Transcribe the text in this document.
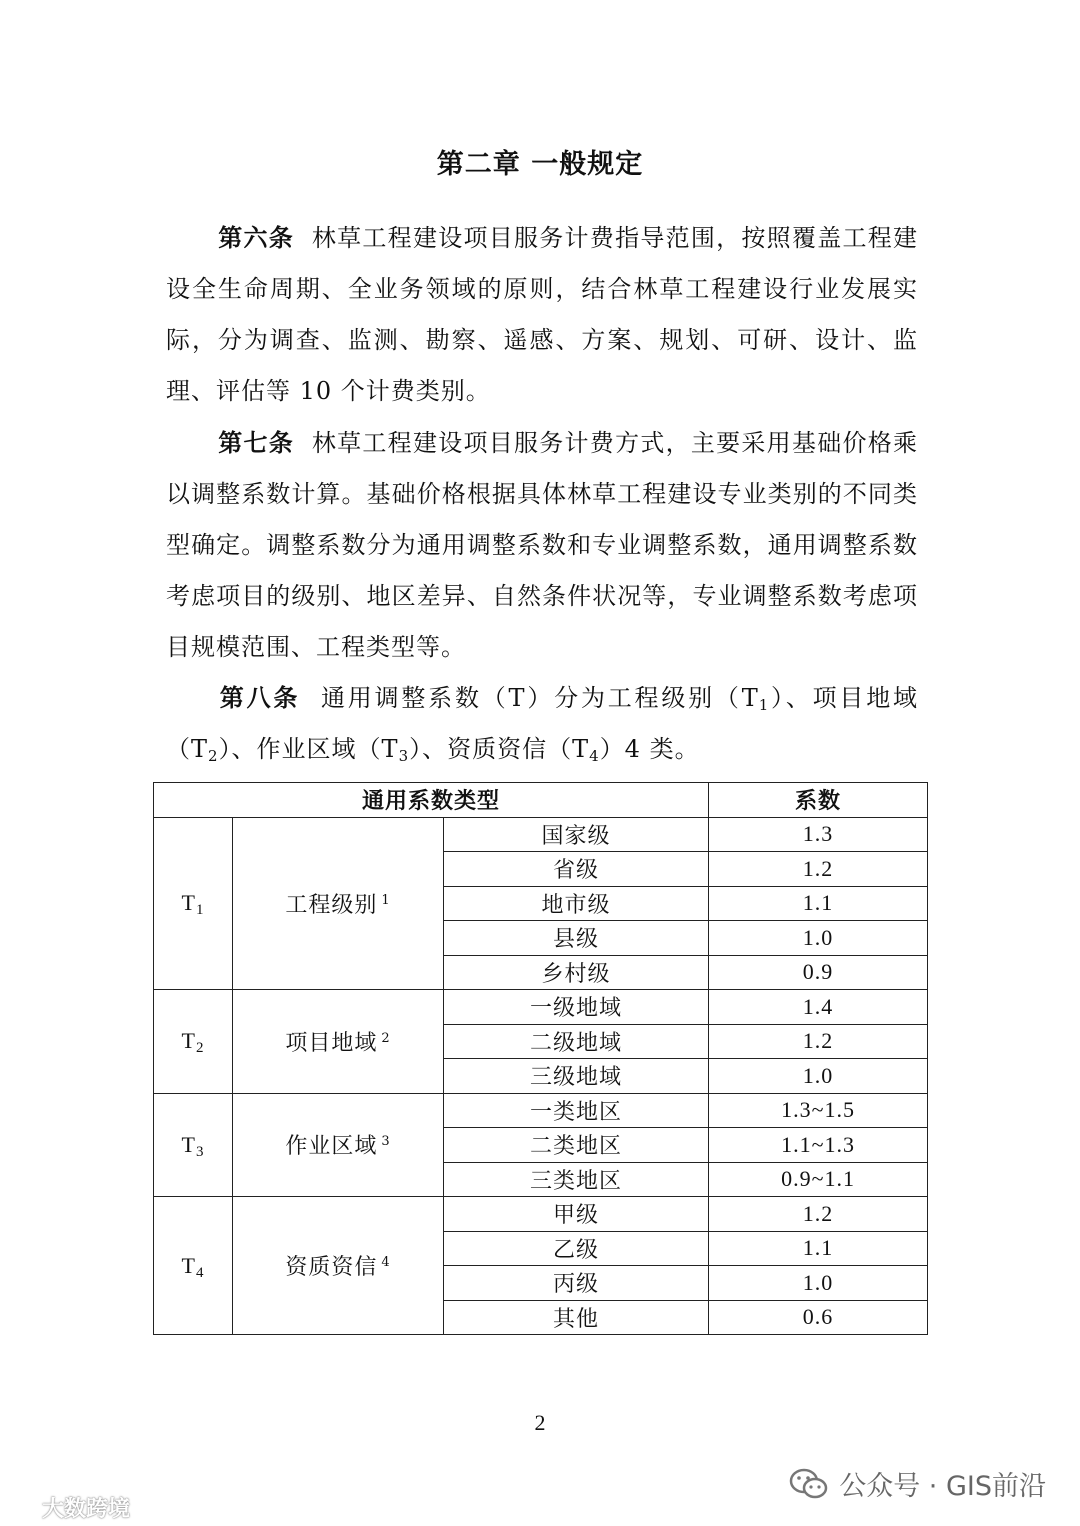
第二章 一般规定
第六条 林草工程建设项目服务计费指导范围，按照覆盖工程建设全生命周期、全业务领域的原则，结合林草工程建设行业发展实际，分为调查、监测、勘察、遥感、方案、规划、可研、设计、监理、评估等 10 个计费类别。
第七条 林草工程建设项目服务计费方式，主要采用基础价格乘以调整系数计算。基础价格根据具体林草工程建设专业类别的不同类型确定。调整系数分为通用调整系数和专业调整系数，通用调整系数考虑项目的级别、地区差异、自然条件状况等，专业调整系数考虑项目规模范围、工程类型等。
第八条 通用调整系数（T）分为工程级别$(T_1)$、项目地域$(T_2)$、作业区域$(T_3)$、资质资信$(T_4)4$ 类。
通用系数类型			系数
$T_1$	工程级别 $^1$	国家级	1.3
		省级	1.2
		地市级	1.1
		县级	1.0
		乡村级	0.9
$T_2$	项目地域 $^2$	一级地域	1.4
		二级地域	1.2
		三级地域	1.0
$T_3$	作业区域 $^3$	一类地区	1.3~1.5
		二类地区	1.1~1.3
		三类地区	0.9~1.1
$T_4$	资质资信 $^4$	甲级	1.2
		乙级	1.1
		丙级	1.0
		其他	0.6
2
大数跨境
公众号 · GIS前沿
